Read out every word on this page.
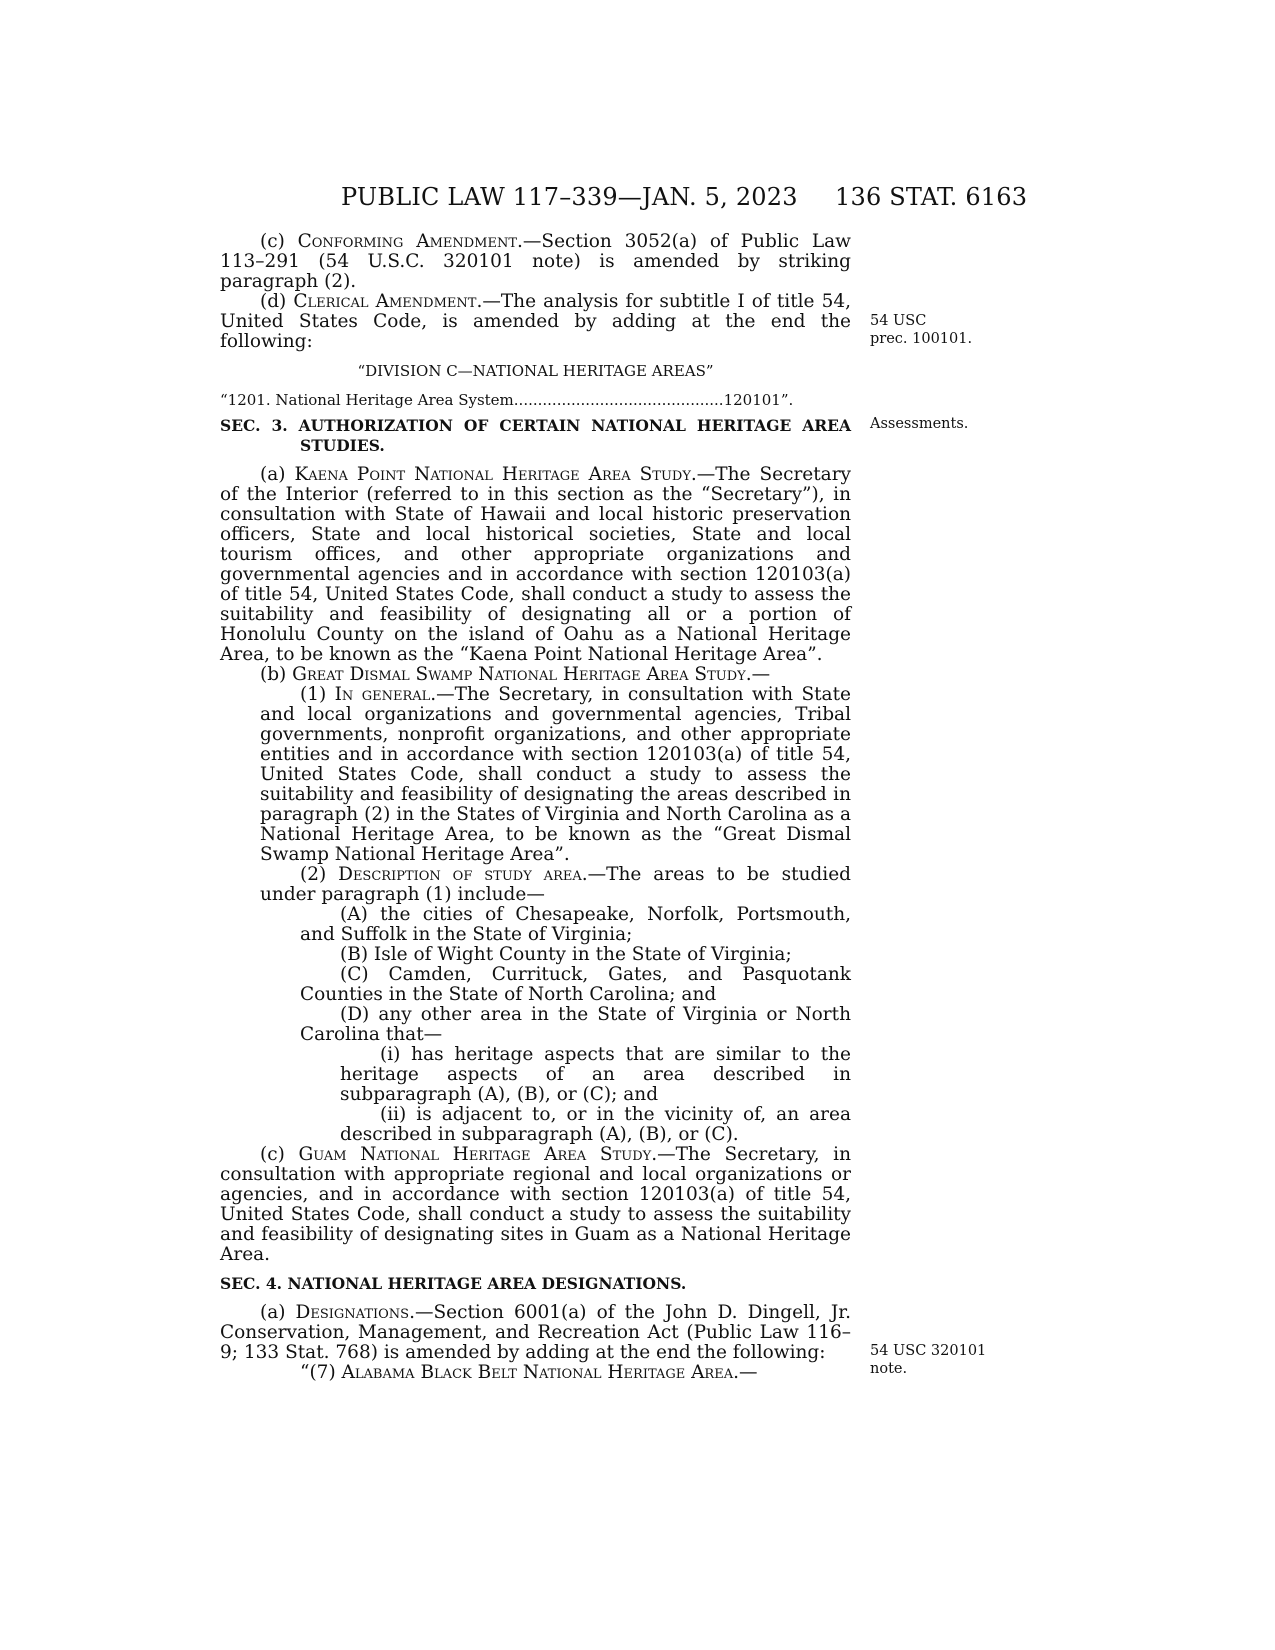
PUBLIC LAW 117–339—JAN. 5, 2023 136 STAT. 6163
54 USC
prec. 100101.
Assessments.
54 USC 320101
note.

(c) Conforming Amendment.—Section 3052(a) of Public Law 113–291 (54 U.S.C. 320101 note) is amended by striking paragraph (2).

(d) Clerical Amendment.—The analysis for subtitle I of title 54, United States Code, is amended by adding at the end the following:

“DIVISION C—NATIONAL HERITAGE AREAS”

“1201. National Heritage Area System............................................120101”.

SEC. 3. AUTHORIZATION OF CERTAIN NATIONAL HERITAGE AREA STUDIES.

(a) Kaena Point National Heritage Area Study.—The Secretary of the Interior (referred to in this section as the “Secretary”), in consultation with State of Hawaii and local historic preservation officers, State and local historical societies, State and local tourism offices, and other appropriate organizations and governmental agencies and in accordance with section 120103(a) of title 54, United States Code, shall conduct a study to assess the suitability and feasibility of designating all or a portion of Honolulu County on the island of Oahu as a National Heritage Area, to be known as the “Kaena Point National Heritage Area”.

(b) Great Dismal Swamp National Heritage Area Study.—

(1) In general.—The Secretary, in consultation with State and local organizations and governmental agencies, Tribal governments, nonprofit organizations, and other appropriate entities and in accordance with section 120103(a) of title 54, United States Code, shall conduct a study to assess the suitability and feasibility of designating the areas described in paragraph (2) in the States of Virginia and North Carolina as a National Heritage Area, to be known as the “Great Dismal Swamp National Heritage Area”.

(2) Description of study area.—The areas to be studied under paragraph (1) include—

(A) the cities of Chesapeake, Norfolk, Portsmouth, and Suffolk in the State of Virginia;

(B) Isle of Wight County in the State of Virginia;

(C) Camden, Currituck, Gates, and Pasquotank Counties in the State of North Carolina; and

(D) any other area in the State of Virginia or North Carolina that—

(i) has heritage aspects that are similar to the heritage aspects of an area described in subparagraph (A), (B), or (C); and

(ii) is adjacent to, or in the vicinity of, an area described in subparagraph (A), (B), or (C).

(c) Guam National Heritage Area Study.—The Secretary, in consultation with appropriate regional and local organizations or agencies, and in accordance with section 120103(a) of title 54, United States Code, shall conduct a study to assess the suitability and feasibility of designating sites in Guam as a National Heritage Area.

SEC. 4. NATIONAL HERITAGE AREA DESIGNATIONS.

(a) Designations.—Section 6001(a) of the John D. Dingell, Jr. Conservation, Management, and Recreation Act (Public Law 116–9; 133 Stat. 768) is amended by adding at the end the following:

“(7) Alabama Black Belt National Heritage Area.—
